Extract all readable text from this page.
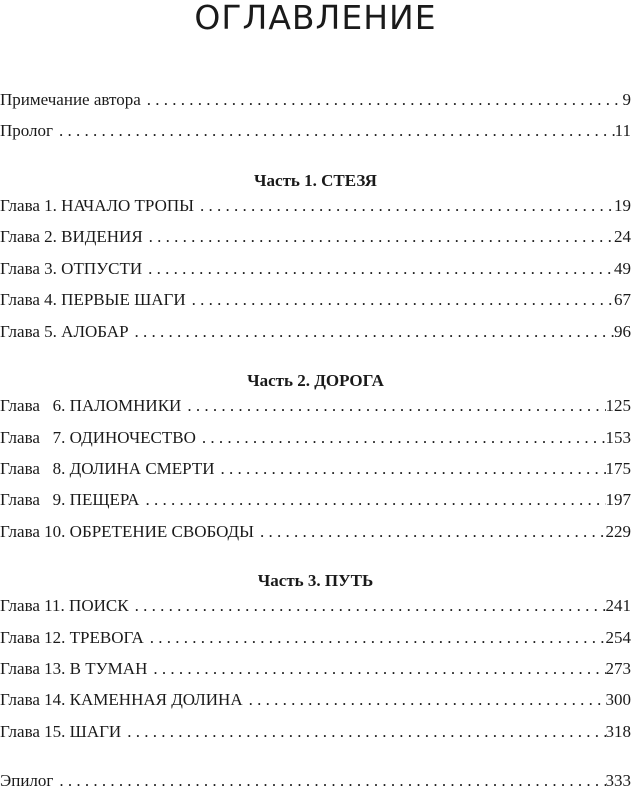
ОГЛАВЛЕНИЕ
Примечание автора . . .	9
Пролог . . .	11
Часть 1. СТЕЗЯ
Глава 1. НАЧАЛО ТРОПЫ . . .	19
Глава 2. ВИДЕНИЯ . . .	24
Глава 3. ОТПУСТИ . . .	49
Глава 4. ПЕРВЫЕ ШАГИ . . .	67
Глава 5. АЛОБАР . . .	96
Часть 2. ДОРОГА
Глава   6. ПАЛОМНИКИ . . .	125
Глава   7. ОДИНОЧЕСТВО . . .	153
Глава   8. ДОЛИНА СМЕРТИ . . .	175
Глава   9. ПЕЩЕРА . . .	197
Глава 10. ОБРЕТЕНИЕ СВОБОДЫ . . .	229
Часть 3. ПУТЬ
Глава 11. ПОИСК . . .	241
Глава 12. ТРЕВОГА . . .	254
Глава 13. В ТУМАН . . .	273
Глава 14. КАМЕННАЯ ДОЛИНА . . .	300
Глава 15. ШАГИ . . .	318
Эпилог . . .	333
